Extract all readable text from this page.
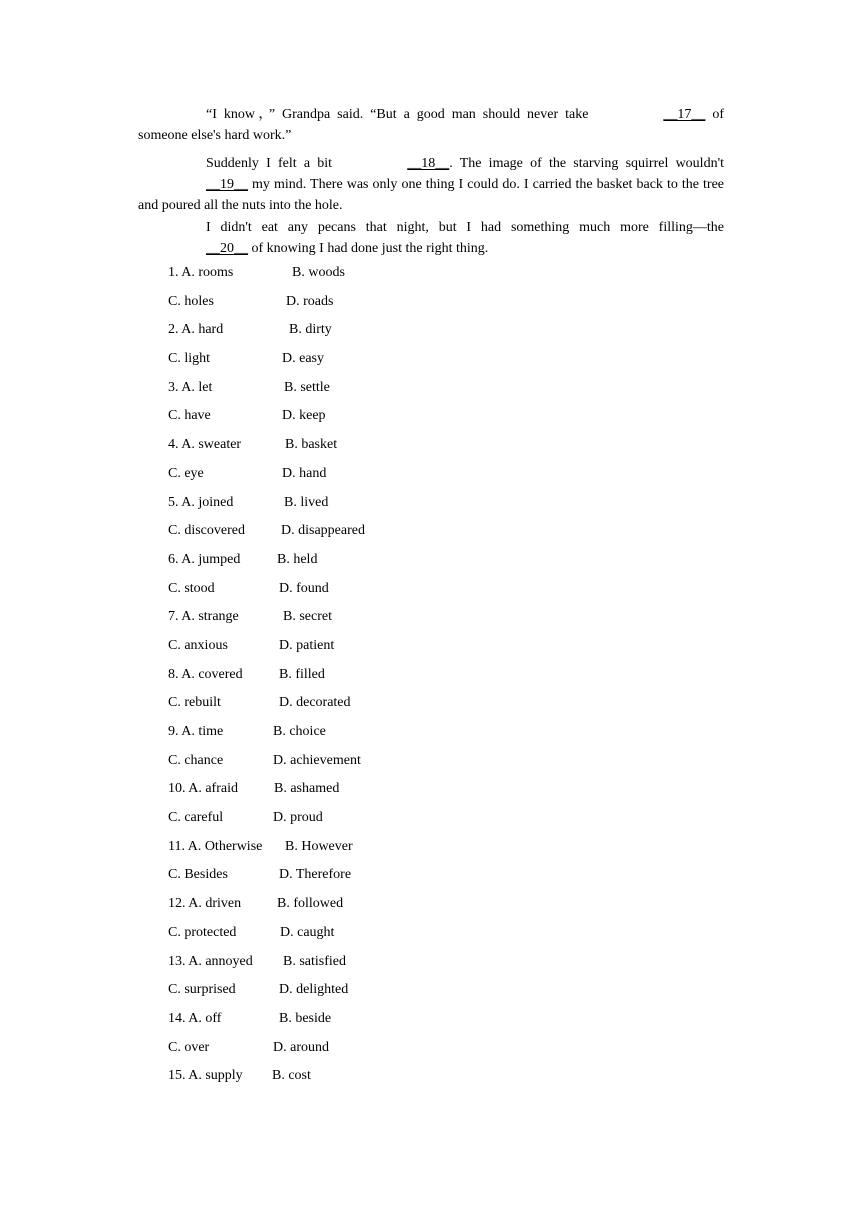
“I know，” Grandpa said. “But a good man should never take	__17__ of someone else's hard work.”

Suddenly I felt a bit	__18__. The image of the starving squirrel wouldn't __19__ my mind. There was only one thing I could do. I carried the basket back to the tree and poured all the nuts into the hole.

I didn't eat any pecans that night, but I had something much more filling—the __20__ of knowing I had done just the right thing.

1. A. rooms	B. woods
C. holes	D. roads
2. A. hard	B. dirty
C. light	D. easy
3. A. let	B. settle
C. have	D. keep
4. A. sweater	B. basket
C. eye	D. hand
5. A. joined	B. lived
C. discovered	D. disappeared
6. A. jumped	B. held
C. stood	D. found
7. A. strange	B. secret
C. anxious	D. patient
8. A. covered	B. filled
C. rebuilt	D. decorated
9. A. time	B. choice
C. chance	D. achievement
10. A. afraid	B. ashamed
C. careful	D. proud
11. A. Otherwise B. However
C. Besides	D. Therefore
12. A. driven	B. followed
C. protected	D. caught
13. A. annoyed B. satisfied
C. surprised	D. delighted
14. A. off	B. beside
C. over	D. around
15. A. supply B. cost
